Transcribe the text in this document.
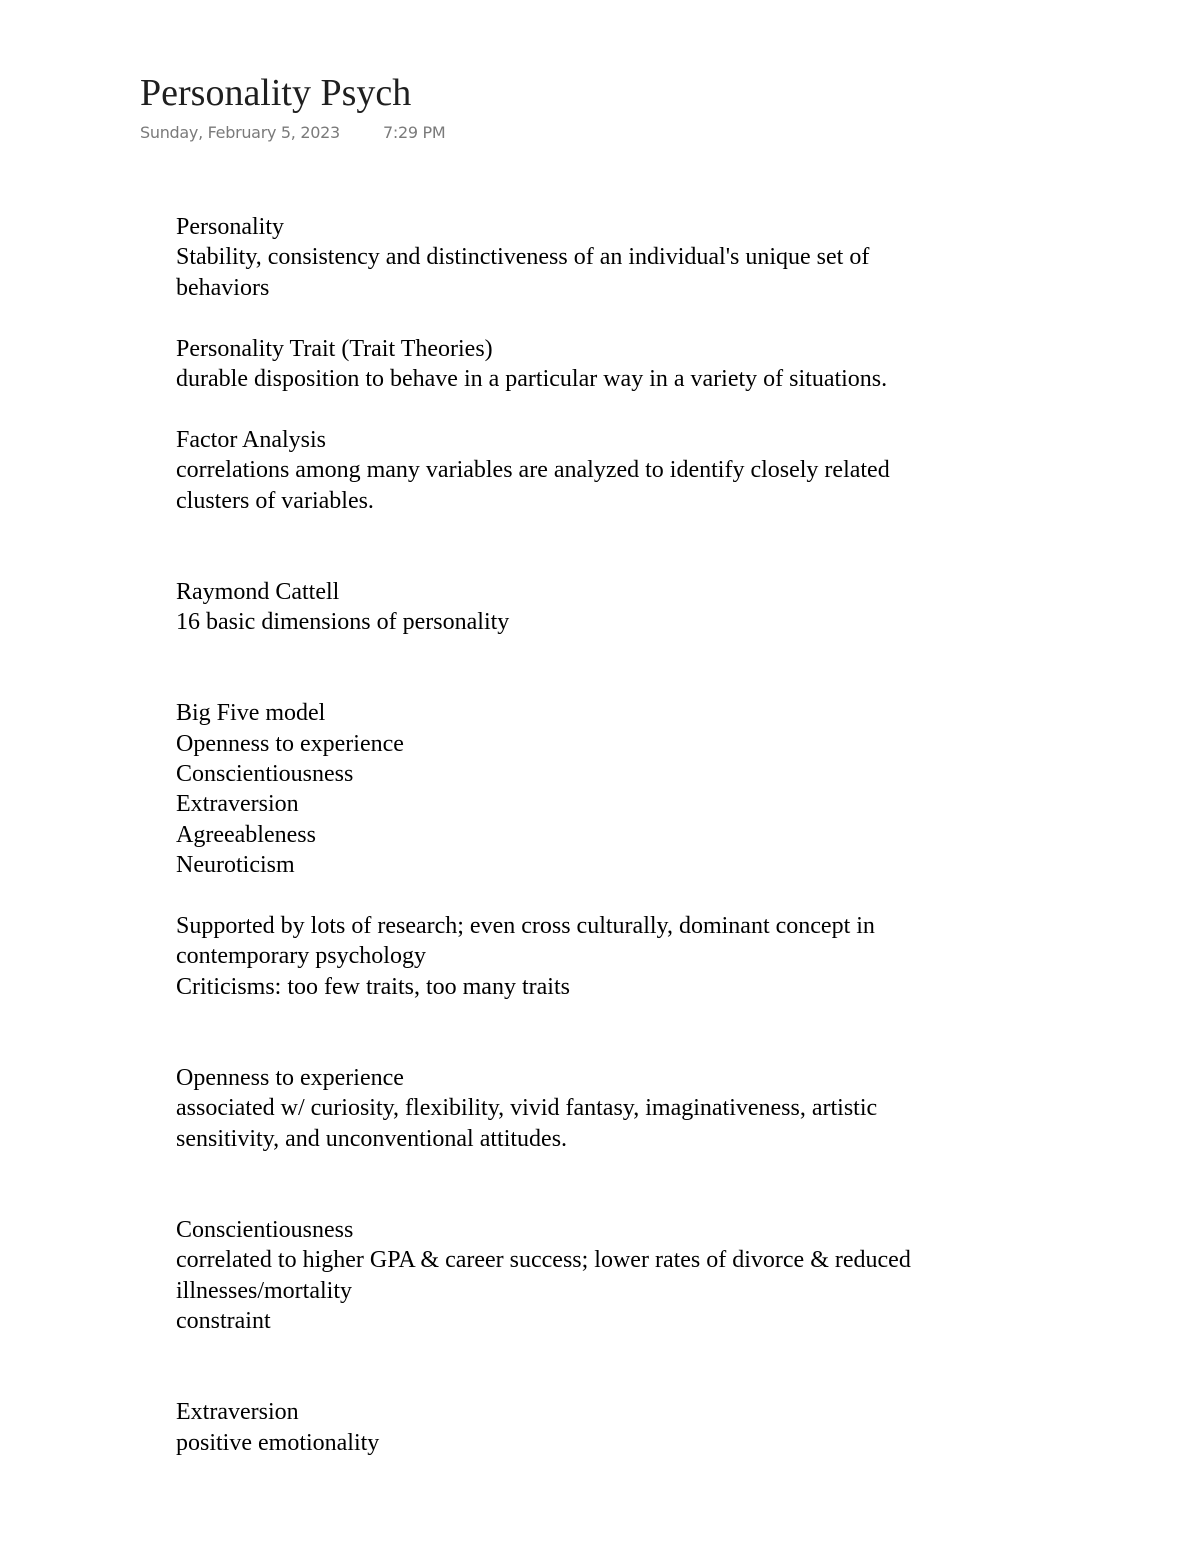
Personality Psych
Sunday, February 5, 2023	7:29 PM
Personality
Stability, consistency and distinctiveness of an individual's unique set of
behaviors
Personality Trait (Trait Theories)
durable disposition to behave in a particular way in a variety of situations.
Factor Analysis
correlations among many variables are analyzed to identify closely related
clusters of variables.
Raymond Cattell
16 basic dimensions of personality
Big Five model
Openness to experience
Conscientiousness
Extraversion
Agreeableness
Neuroticism
Supported by lots of research; even cross culturally, dominant concept in
contemporary psychology
Criticisms: too few traits, too many traits
Openness to experience
associated w/ curiosity, flexibility, vivid fantasy, imaginativeness, artistic
sensitivity, and unconventional attitudes.
Conscientiousness
correlated to higher GPA & career success; lower rates of divorce & reduced
illnesses/mortality
constraint
Extraversion
positive emotionality
